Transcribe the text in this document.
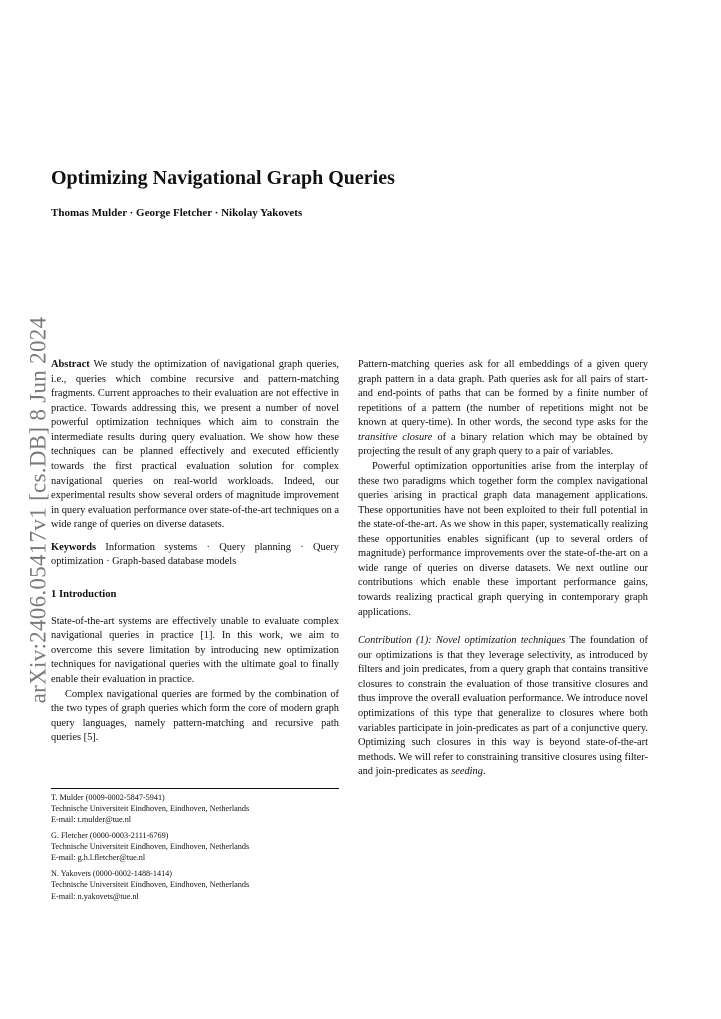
arXiv:2406.05417v1 [cs.DB] 8 Jun 2024
Optimizing Navigational Graph Queries
Thomas Mulder · George Fletcher · Nikolay Yakovets

Abstract We study the optimization of navigational graph queries, i.e., queries which combine recursive and pattern-matching fragments. Current approaches to their evaluation are not effective in practice. Towards addressing this, we present a number of novel powerful optimization techniques which aim to constrain the intermediate results during query evaluation. We show how these techniques can be planned effectively and executed efficiently towards the first practical evaluation solution for complex navigational queries on real-world workloads. Indeed, our experimental results show several orders of magnitude improvement in query evaluation performance over state-of-the-art techniques on a wide range of queries on diverse datasets.

Keywords Information systems · Query planning · Query optimization · Graph-based database models

1 Introduction

State-of-the-art systems are effectively unable to evaluate complex navigational queries in practice [1]. In this work, we aim to overcome this severe limitation by introducing new optimization techniques for navigational queries with the ultimate goal to finally enable their evaluation in practice.

Complex navigational queries are formed by the combination of the two types of graph queries which form the core of modern graph query languages, namely pattern-matching and recursive path queries [5].

T. Mulder (0009-0002-5847-5941)
Technische Universiteit Eindhoven, Eindhoven, Netherlands
E-mail: t.mulder@tue.nl
G. Fletcher (0000-0003-2111-6769)
Technische Universiteit Eindhoven, Eindhoven, Netherlands
E-mail: g.h.l.fletcher@tue.nl
N. Yakovets (0000-0002-1488-1414)
Technische Universiteit Eindhoven, Eindhoven, Netherlands
E-mail: n.yakovets@tue.nl

Pattern-matching queries ask for all embeddings of a given query graph pattern in a data graph. Path queries ask for all pairs of start- and end-points of paths that can be formed by a finite number of repetitions of a pattern (the number of repetitions might not be known at query-time). In other words, the second type asks for the transitive closure of a binary relation which may be obtained by projecting the result of any graph query to a pair of variables.

Powerful optimization opportunities arise from the interplay of these two paradigms which together form the complex navigational queries arising in practical graph data management applications. These opportunities have not been exploited to their full potential in the state-of-the-art. As we show in this paper, systematically realizing these opportunities enables significant (up to several orders of magnitude) performance improvements over the state-of-the-art on a wide range of queries on diverse datasets. We next outline our contributions which enable these important performance gains, towards realizing practical graph querying in contemporary graph applications.

Contribution (1): Novel optimization techniques The foundation of our optimizations is that they leverage selectivity, as introduced by filters and join predicates, from a query graph that contains transitive closures to constrain the evaluation of those transitive closures and thus improve the overall evaluation performance. We introduce novel optimizations of this type that generalize to closures where both variables participate in join-predicates as part of a conjunctive query. Optimizing such closures in this way is beyond state-of-the-art methods. We will refer to constraining transitive closures using filter- and join-predicates as seeding.
